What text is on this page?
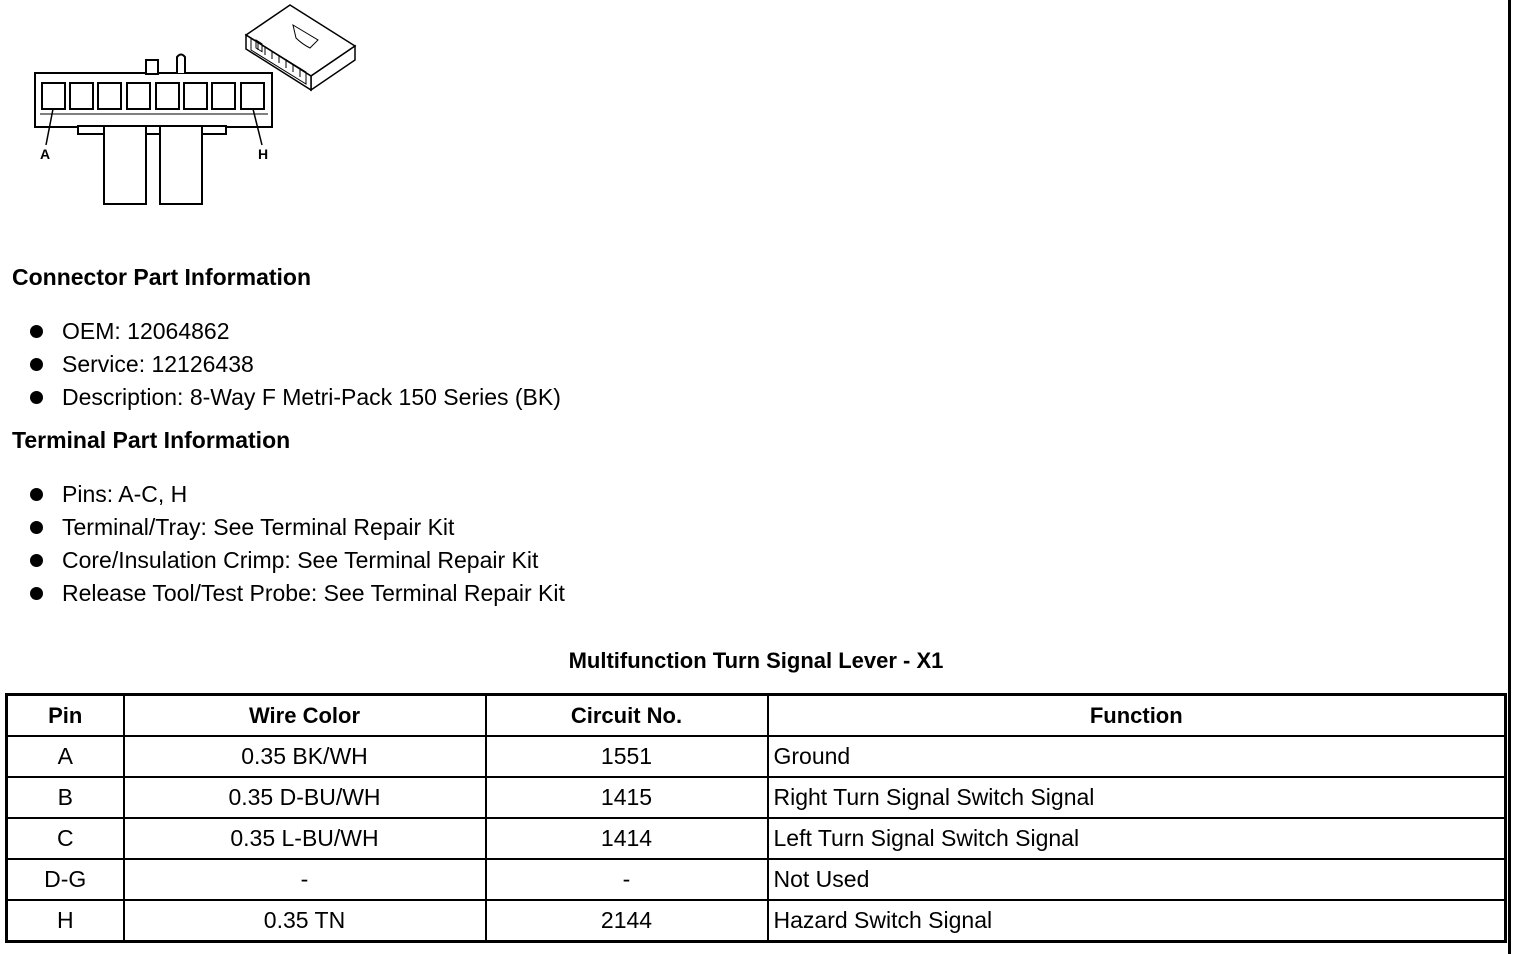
A	H
Connector Part Information
OEM: 12064862
Service: 12126438
Description: 8-Way F Metri-Pack 150 Series (BK)
Terminal Part Information
Pins: A-C, H
Terminal/Tray: See Terminal Repair Kit
Core/Insulation Crimp: See Terminal Repair Kit
Release Tool/Test Probe: See Terminal Repair Kit
Multifunction Turn Signal Lever - X1
Pin	Wire Color	Circuit No.	Function
A	0.35 BK/WH	1551	Ground
B	0.35 D-BU/WH	1415	Right Turn Signal Switch Signal
C	0.35 L-BU/WH	1414	Left Turn Signal Switch Signal
D-G	-	-	Not Used
H	0.35 TN	2144	Hazard Switch Signal
